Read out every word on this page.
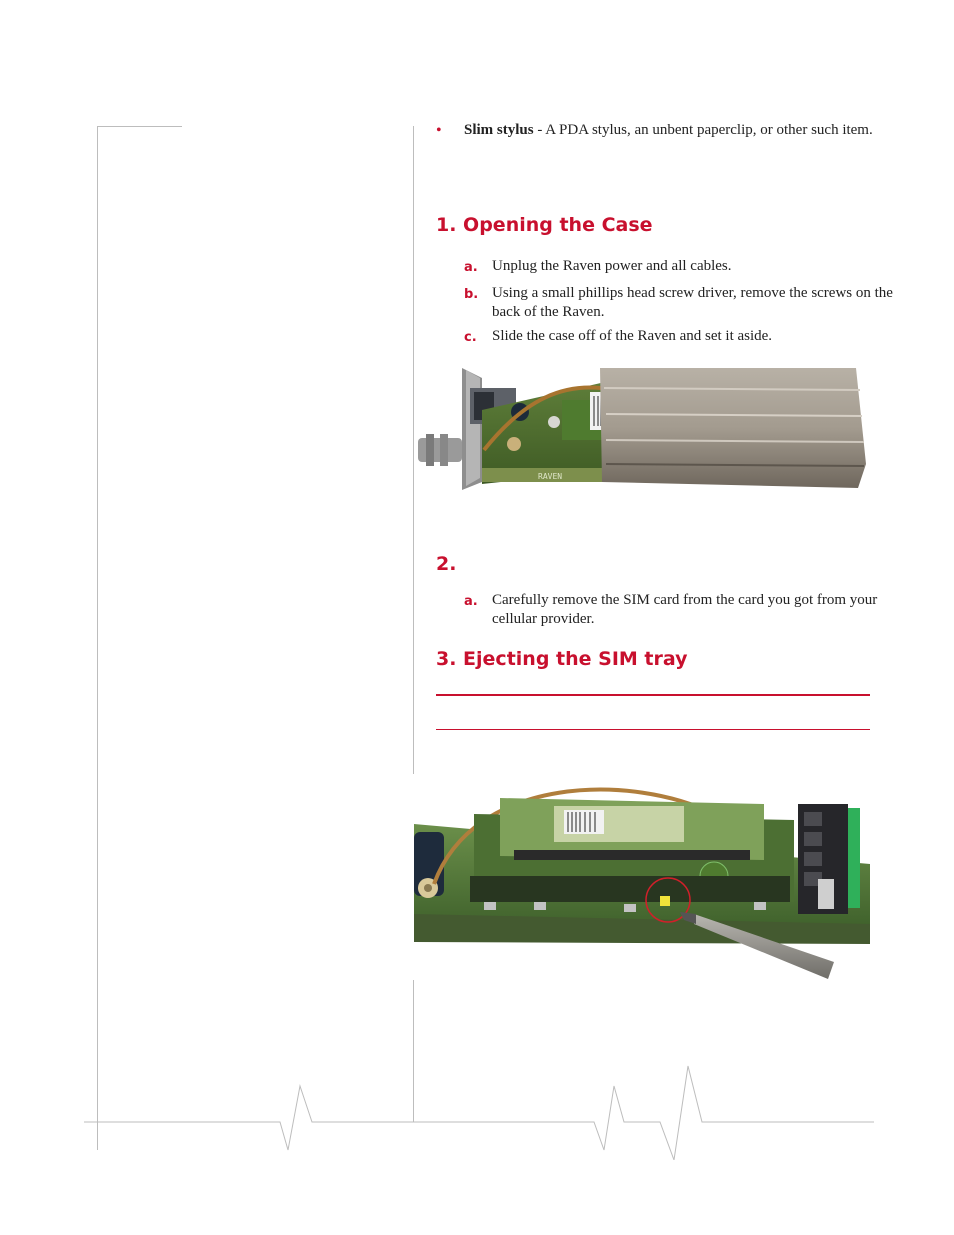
•	Slim stylus - A PDA stylus, an unbent paperclip, or other such item.
1. Opening the Case
a. Unplug the Raven power and all cables.
b. Using a small phillips head screw driver, remove the screws on the back of the Raven.
c. Slide the case off of the Raven and set it aside.
RAVEN
2.
a. Carefully remove the SIM card from the card you got from your cellular provider.
3. Ejecting the SIM tray
